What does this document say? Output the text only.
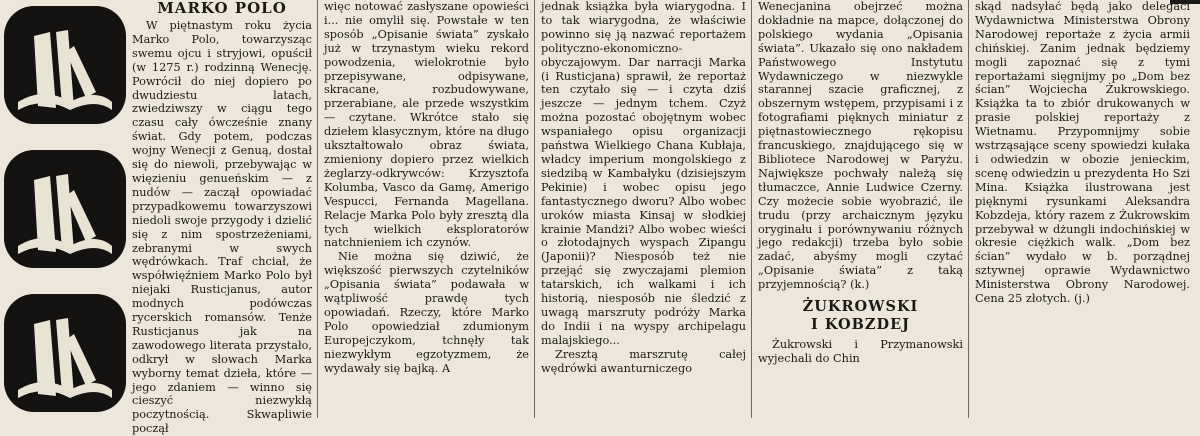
MARKO POLO

W piętnastym roku życia Marko Polo, towarzysząc swemu ojcu i stryjowi, opuścił (w 1275 r.) rodzinną Wenecję. Powrócił do niej dopiero po dwudziestu latach, zwiedziwszy w ciągu tego czasu cały ówcześnie znany świat. Gdy potem, podczas wojny Wenecji z Genuą, dostał się do niewoli, przebywając w więzieniu genueńskim — z nudów — zaczął opowiadać przypadkowemu towarzyszowi niedoli swoje przygody i dzielić się z nim spostrzeżeniami, zebranymi w swych wędrówkach. Traf chciał, że współwięźniem Marko Polo był niejaki Rusticjanus, autor modnych podówczas rycerskich romansów. Tenże Rusticjanus jak na zawodowego literata przystało, odkrył w słowach Marka wyborny temat dzieła, które — jego zdaniem — winno się cieszyć niezwykłą poczytnością. Skwapliwie począł

więc notować zasłyszane opowieści i... nie omylił się. Powstałe w ten sposób „Opisanie świata” zyskało już w trzynastym wieku rekord powodzenia, wielokrotnie było przepisywane, odpisywane, skracane, rozbudowywane, przerabiane, ale przede wszystkim — czytane. Wkrótce stało się dziełem klasycznym, które na długo ukształtowało obraz świata, zmieniony dopiero przez wielkich żeglarzy-odkrywców: Krzysztofa Kolumba, Vasco da Gamę, Amerigo Vespucci, Fernanda Magellana. Relacje Marka Polo były zresztą dla tych wielkich eksploratorów natchnieniem ich czynów.

Nie można się dziwić, że większość pierwszych czytelników „Opisania świata” podawała w wątpliwość prawdę tych opowiadań. Rzeczy, które Marko Polo opowiedział zdumionym Europejczykom, tchnęły tak niezwykłym egzotyzmem, że wydawały się bajką. A

jednak książka była wiarygodna. I to tak wiarygodna, że właściwie powinno się ją nazwać reportażem polityczno-ekonomiczno-obyczajowym. Dar narracji Marka (i Rusticjana) sprawił, że reportaż ten czytało się — i czyta dziś jeszcze — jednym tchem. Czyż można pozostać obojętnym wobec wspaniałego opisu organizacji państwa Wielkiego Chana Kubłaja, władcy imperium mongolskiego z siedzibą w Kambałyku (dzisiejszym Pekinie) i wobec opisu jego fantastycznego dworu? Albo wobec uroków miasta Kinsaj w słodkiej krainie Mandżi? Albo wobec wieści o złotodajnych wyspach Zipangu (Japonii)? Niesposób też nie przejąć się zwyczajami plemion tatarskich, ich walkami i ich historią, niesposób nie śledzić z uwagą marszruty podróży Marka do Indii i na wyspy archipelagu malajskiego...

Zresztą marszrutę całej wędrówki awanturniczego

Wenecjanina obejrzeć można dokładnie na mapce, dołączonej do polskiego wydania „Opisania świata”. Ukazało się ono nakładem Państwowego Instytutu Wydawniczego w niezwykle starannej szacie graficznej, z obszernym wstępem, przypisami i z fotografiami pięknych miniatur z piętnastowiecznego rękopisu francuskiego, znajdującego się w Bibliotece Narodowej w Paryżu. Największe pochwały należą się tłumaczce, Annie Ludwice Czerny. Czy możecie sobie wyobrazić, ile trudu (przy archaicznym języku oryginału i porównywaniu różnych jego redakcji) trzeba było sobie zadać, abyśmy mogli czytać „Opisanie świata” z taką przyjemnością? (k.)

ŻUKROWSKI
I KOBZDEJ

Żukrowski i Przymanowski wyjechali do Chin

skąd nadsyłać będą jako delegaci Wydawnictwa Ministerstwa Obrony Narodowej reportaże z życia armii chińskiej. Zanim jednak będziemy mogli zapoznać się z tymi reportażami sięgnijmy po „Dom bez ścian” Wojciecha Żukrowskiego. Książka ta to zbiór drukowanych w prasie polskiej reportaży z Wietnamu. Przypomnijmy sobie wstrząsające sceny spowiedzi kułaka i odwiedzin w obozie jenieckim, scenę odwiedzin u prezydenta Ho Szi Mina. Książka ilustrowana jest pięknymi rysunkami Aleksandra Kobzdeja, który razem z Żukrowskim przebywał w dżungli indochińskiej w okresie ciężkich walk. „Dom bez ścian” wydało w b. porządnej sztywnej oprawie Wydawnictwo Ministerstwa Obrony Narodowej. Cena 25 złotych. (j.)
